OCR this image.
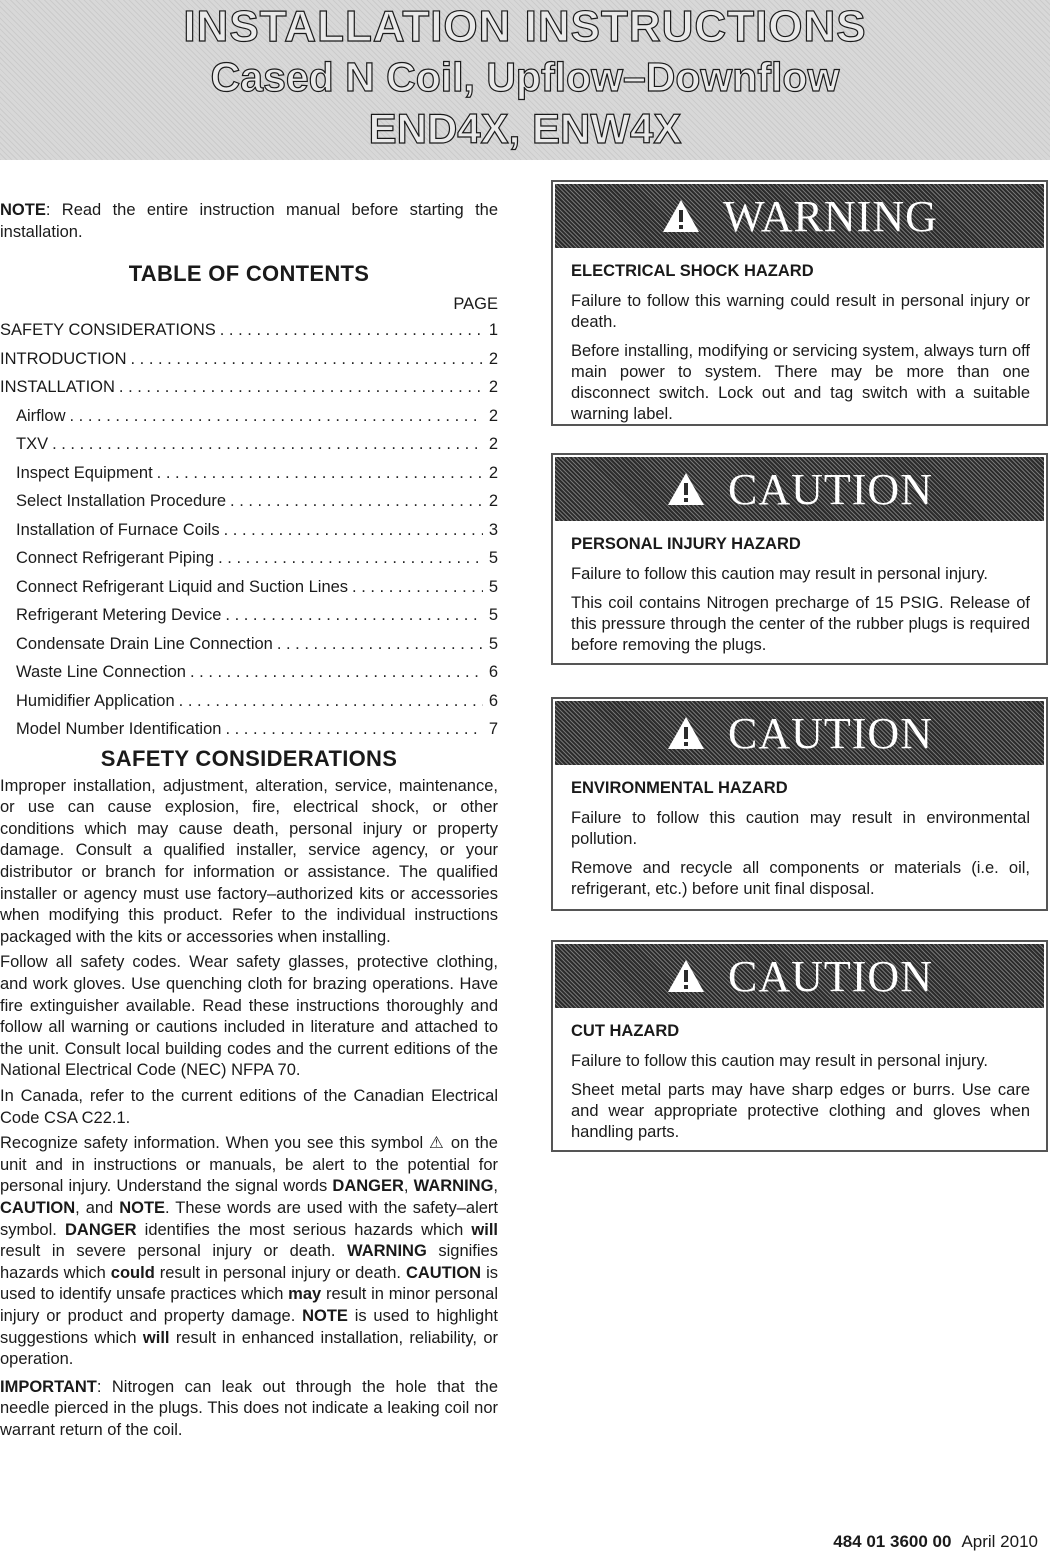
INSTALLATION INSTRUCTIONS
Cased N Coil, Upflow–Downflow
END4X, ENW4X

NOTE: Read the entire instruction manual before starting the installation.

TABLE OF CONTENTS

PAGE

SAFETY CONSIDERATIONS . . .	1
INTRODUCTION . . .	2
INSTALLATION . . .	2
Airflow . . .	2
TXV . . .	2
Inspect Equipment . . .	2
Select Installation Procedure . . .	2
Installation of Furnace Coils . . .	3
Connect Refrigerant Piping . . .	5
Connect Refrigerant Liquid and Suction Lines . . .	5
Refrigerant Metering Device . . .	5
Condensate Drain Line Connection . . .	5
Waste Line Connection . . .	6
Humidifier Application . . .	6
Model Number Identification . . .	7

SAFETY CONSIDERATIONS

Improper installation, adjustment, alteration, service, maintenance, or use can cause explosion, fire, electrical shock, or other conditions which may cause death, personal injury or property damage. Consult a qualified installer, service agency, or your distributor or branch for information or assistance. The qualified installer or agency must use factory–authorized kits or accessories when modifying this product. Refer to the individual instructions packaged with the kits or accessories when installing.

Follow all safety codes. Wear safety glasses, protective clothing, and work gloves. Use quenching cloth for brazing operations. Have fire extinguisher available. Read these instructions thoroughly and follow all warning or cautions included in literature and attached to the unit. Consult local building codes and the current editions of the National Electrical Code (NEC) NFPA 70.

In Canada, refer to the current editions of the Canadian Electrical Code CSA C22.1.

Recognize safety information. When you see this symbol ⚠ on the unit and in instructions or manuals, be alert to the potential for personal injury. Understand the signal words DANGER, WARNING, CAUTION, and NOTE. These words are used with the safety–alert symbol. DANGER identifies the most serious hazards which will result in severe personal injury or death. WARNING signifies hazards which could result in personal injury or death. CAUTION is used to identify unsafe practices which may result in minor personal injury or product and property damage. NOTE is used to highlight suggestions which will result in enhanced installation, reliability, or operation.

IMPORTANT: Nitrogen can leak out through the hole that the needle pierced in the plugs. This does not indicate a leaking coil nor warrant return of the coil.

WARNING

ELECTRICAL SHOCK HAZARD

Failure to follow this warning could result in personal injury or death.

Before installing, modifying or servicing system, always turn off main power to system. There may be more than one disconnect switch. Lock out and tag switch with a suitable warning label.

CAUTION

PERSONAL INJURY HAZARD

Failure to follow this caution may result in personal injury.

This coil contains Nitrogen precharge of 15 PSIG. Release of this pressure through the center of the rubber plugs is required before removing the plugs.

CAUTION

ENVIRONMENTAL HAZARD

Failure to follow this caution may result in environmental pollution.

Remove and recycle all components or materials (i.e. oil, refrigerant, etc.) before unit final disposal.

CAUTION

CUT HAZARD

Failure to follow this caution may result in personal injury.

Sheet metal parts may have sharp edges or burrs. Use care and wear appropriate protective clothing and gloves when handling parts.

484 01 3600 00 April 2010
